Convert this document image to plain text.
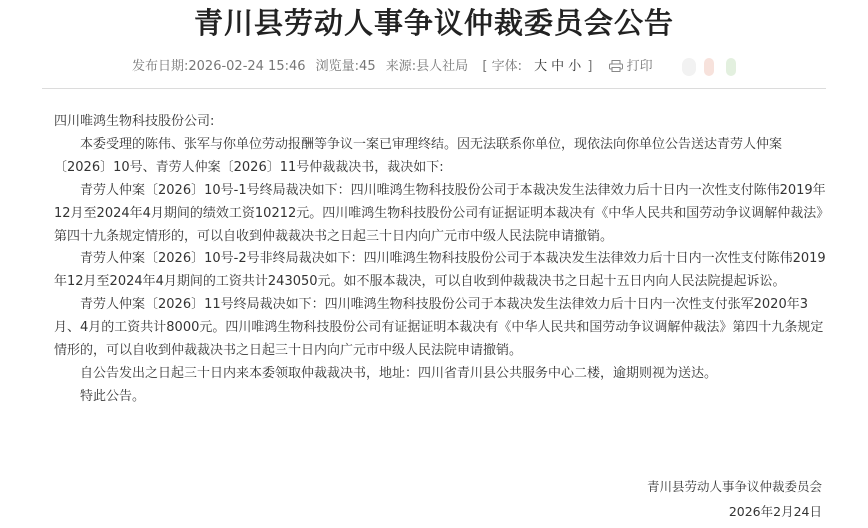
青川县劳动人事争议仲裁委员会公告
发布日期:2026-02-24 15:46 浏览量:45 来源:县人社局 [ 字体: 大 中 小 ]	打印

四川唯鸿生物科技股份公司:

本委受理的陈伟、张军与你单位劳动报酬等争议一案已审理终结。因无法联系你单位，现依法向你单位公告送达青劳人仲案〔2026〕10号、青劳人仲案〔2026〕11号仲裁裁决书，裁决如下:

青劳人仲案〔2026〕10号-1号终局裁决如下：四川唯鸿生物科技股份公司于本裁决发生法律效力后十日内一次性支付陈伟2019年12月至2024年4月期间的绩效工资10212元。四川唯鸿生物科技股份公司有证据证明本裁决有《中华人民共和国劳动争议调解仲裁法》第四十九条规定情形的，可以自收到仲裁裁决书之日起三十日内向广元市中级人民法院申请撤销。

青劳人仲案〔2026〕10号-2号非终局裁决如下：四川唯鸿生物科技股份公司于本裁决发生法律效力后十日内一次性支付陈伟2019年12月至2024年4月期间的工资共计243050元。如不服本裁决，可以自收到仲裁裁决书之日起十五日内向人民法院提起诉讼。

青劳人仲案〔2026〕11号终局裁决如下：四川唯鸿生物科技股份公司于本裁决发生法律效力后十日内一次性支付张军2020年3月、4月的工资共计8000元。四川唯鸿生物科技股份公司有证据证明本裁决有《中华人民共和国劳动争议调解仲裁法》第四十九条规定情形的，可以自收到仲裁裁决书之日起三十日内向广元市中级人民法院申请撤销。

自公告发出之日起三十日内来本委领取仲裁裁决书，地址：四川省青川县公共服务中心二楼，逾期则视为送达。

特此公告。

青川县劳动人事争议仲裁委员会
2026年2月24日
